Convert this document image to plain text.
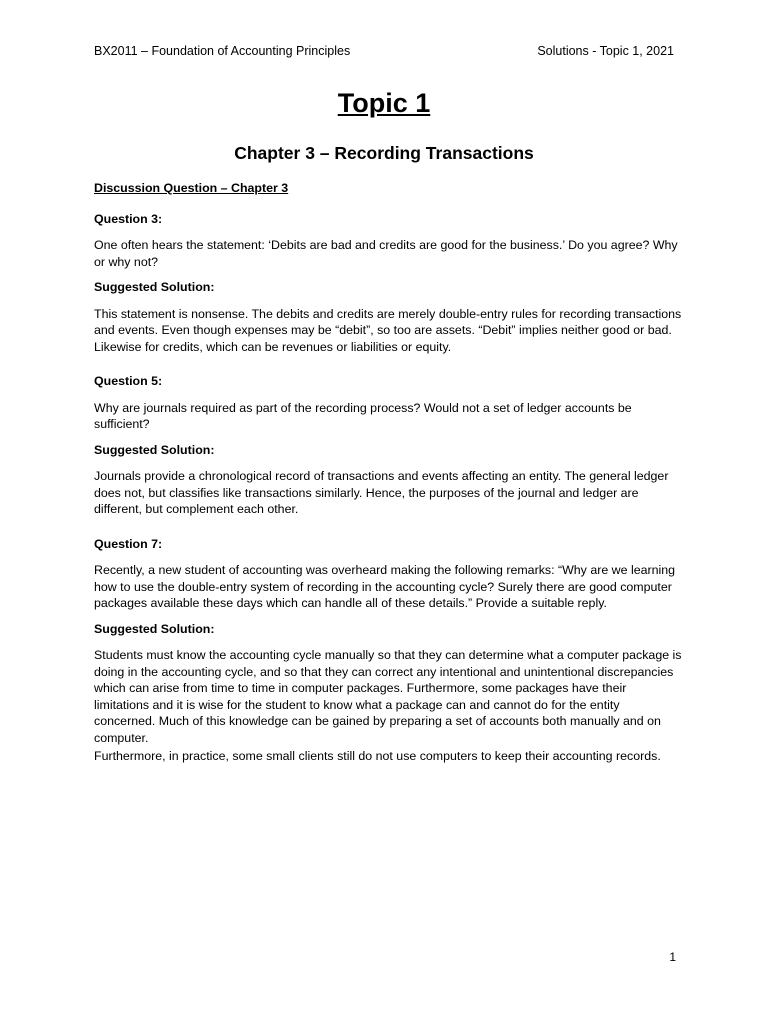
BX2011 – Foundation of Accounting Principles	Solutions - Topic 1, 2021
Topic 1
Chapter 3 – Recording Transactions

Discussion Question – Chapter 3

Question 3:

One often hears the statement: ‘Debits are bad and credits are good for the business.’ Do you agree? Why or why not?

Suggested Solution:

This statement is nonsense. The debits and credits are merely double-entry rules for recording transactions and events. Even though expenses may be “debit”, so too are assets. “Debit” implies neither good or bad. Likewise for credits, which can be revenues or liabilities or equity.

Question 5:

Why are journals required as part of the recording process? Would not a set of ledger accounts be sufficient?

Suggested Solution:

Journals provide a chronological record of transactions and events affecting an entity. The general ledger does not, but classifies like transactions similarly. Hence, the purposes of the journal and ledger are different, but complement each other.

Question 7:

Recently, a new student of accounting was overheard making the following remarks: “Why are we learning how to use the double-entry system of recording in the accounting cycle? Surely there are good computer packages available these days which can handle all of these details.” Provide a suitable reply.

Suggested Solution:

Students must know the accounting cycle manually so that they can determine what a computer package is doing in the accounting cycle, and so that they can correct any intentional and unintentional discrepancies which can arise from time to time in computer packages. Furthermore, some packages have their limitations and it is wise for the student to know what a package can and cannot do for the entity concerned. Much of this knowledge can be gained by preparing a set of accounts both manually and on computer.

Furthermore, in practice, some small clients still do not use computers to keep their accounting records.

1
